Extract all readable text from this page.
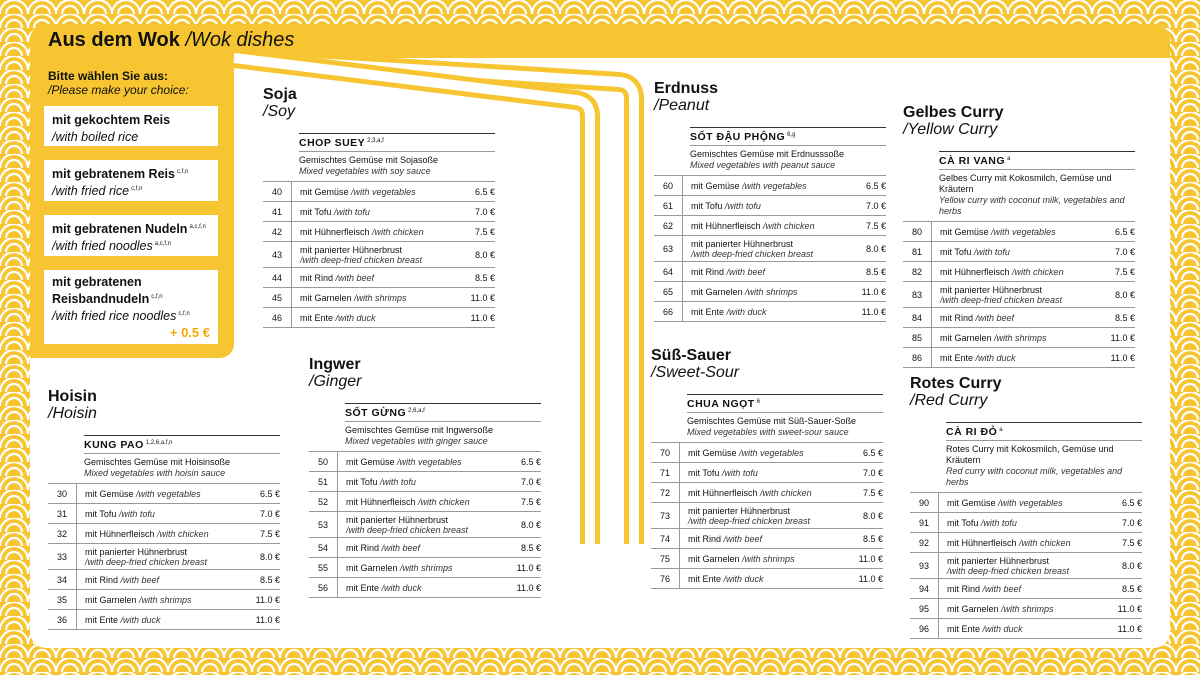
Aus dem Wok /Wok dishes
Bitte wählen Sie aus:
/Please make your choice:
mit gekochtem Reis
/with boiled rice
mit gebratenem Reis $^{c,f,n}$
/with fried rice $^{c,f,n}$
mit gebratenen Nudeln $^{a,c,f,n}$
/with fried noodles $^{a,c,f,n}$
mit gebratenen Reisbandnudeln $^{c,f,n}$
/with fried rice noodles $^{c,f,n}$
+ 0.5 €
Soja
/Soy
CHOP SUEY $^{2,3,a,f}$
Gemischtes Gemüse mit Sojasoße
Mixed vegetables with soy sauce
40	mit Gemüse /with vegetables	6.5 €
41	mit Tofu /with tofu	7.0 €
42	mit Hühnerfleisch /with chicken	7.5 €
43	mit panierter Hühnerbrust
/with deep-fried chicken breast	8.0 €
44	mit Rind /with beef	8.5 €
45	mit Garnelen /with shrimps	11.0 €
46	mit Ente /with duck	11.0 €
Hoisin
/Hoisin
KUNG PAO $^{1,2,6,a,f,n}$
Gemischtes Gemüse mit Hoisinsoße
Mixed vegetables with hoisin sauce
30	mit Gemüse /with vegetables	6.5 €
31	mit Tofu /with tofu	7.0 €
32	mit Hühnerfleisch /with chicken	7.5 €
33	mit panierter Hühnerbrust
/with deep-fried chicken breast	8.0 €
34	mit Rind /with beef	8.5 €
35	mit Garnelen /with shrimps	11.0 €
36	mit Ente /with duck	11.0 €
Ingwer
/Ginger
SỐT GỪNG $^{2,6,a,f}$
Gemischtes Gemüse mit Ingwersoße
Mixed vegetables with ginger sauce
50	mit Gemüse /with vegetables	6.5 €
51	mit Tofu /with tofu	7.0 €
52	mit Hühnerfleisch /with chicken	7.5 €
53	mit panierter Hühnerbrust
/with deep-fried chicken breast	8.0 €
54	mit Rind /with beef	8.5 €
55	mit Garnelen /with shrimps	11.0 €
56	mit Ente /with duck	11.0 €
Erdnuss
/Peanut
SỐT ĐẬU PHỘNG $^{6,g}$
Gemischtes Gemüse mit Erdnusssoße
Mixed vegetables with peanut sauce
60	mit Gemüse /with vegetables	6.5 €
61	mit Tofu /with tofu	7.0 €
62	mit Hühnerfleisch /with chicken	7.5 €
63	mit panierter Hühnerbrust
/with deep-fried chicken breast	8.0 €
64	mit Rind /with beef	8.5 €
65	mit Garnelen /with shrimps	11.0 €
66	mit Ente /with duck	11.0 €
Süß-Sauer
/Sweet-Sour
CHUA NGỌT $^6$
Gemischtes Gemüse mit Süß-Sauer-Soße
Mixed vegetables with sweet-sour sauce
70	mit Gemüse /with vegetables	6.5 €
71	mit Tofu /with tofu	7.0 €
72	mit Hühnerfleisch /with chicken	7.5 €
73	mit panierter Hühnerbrust
/with deep-fried chicken breast	8.0 €
74	mit Rind /with beef	8.5 €
75	mit Garnelen /with shrimps	11.0 €
76	mit Ente /with duck	11.0 €
Gelbes Curry
/Yellow Curry
CÀ RI VANG $^a$
Gelbes Curry mit Kokosmilch, Gemüse und Kräutern
Yellow curry with coconut milk, vegetables and herbs
80	mit Gemüse /with vegetables	6.5 €
81	mit Tofu /with tofu	7.0 €
82	mit Hühnerfleisch /with chicken	7.5 €
83	mit panierter Hühnerbrust
/with deep-fried chicken breast	8.0 €
84	mit Rind /with beef	8.5 €
85	mit Garnelen /with shrimps	11.0 €
86	mit Ente /with duck	11.0 €
Rotes Curry
/Red Curry
CÀ RI ĐỎ $^a$
Rotes Curry mit Kokosmilch, Gemüse und Kräutern
Red curry with coconut milk, vegetables and herbs
90	mit Gemüse /with vegetables	6.5 €
91	mit Tofu /with tofu	7.0 €
92	mit Hühnerfleisch /with chicken	7.5 €
93	mit panierter Hühnerbrust
/with deep-fried chicken breast	8.0 €
94	mit Rind /with beef	8.5 €
95	mit Garnelen /with shrimps	11.0 €
96	mit Ente /with duck	11.0 €
